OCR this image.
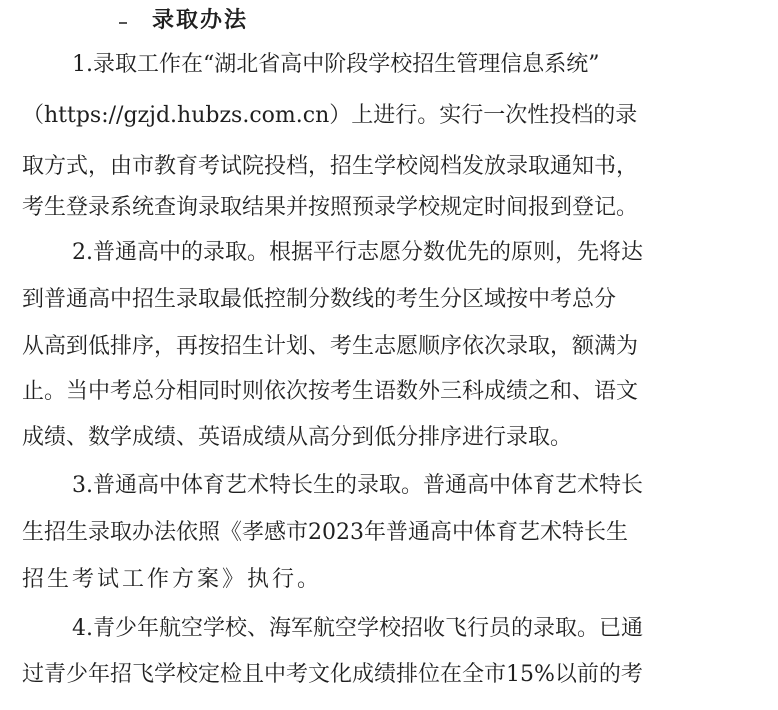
录取办法
1.录取工作在“湖北省高中阶段学校招生管理信息系统”
（https://gzjd.hubzs.com.cn）上进行。实行一次性投档的录
取方式，由市教育考试院投档，招生学校阅档发放录取通知书，
考生登录系统查询录取结果并按照预录学校规定时间报到登记。
2.普通高中的录取。根据平行志愿分数优先的原则，先将达
到普通高中招生录取最低控制分数线的考生分区域按中考总分
从高到低排序，再按招生计划、考生志愿顺序依次录取，额满为
止。当中考总分相同时则依次按考生语数外三科成绩之和、语文
成绩、数学成绩、英语成绩从高分到低分排序进行录取。
3.普通高中体育艺术特长生的录取。普通高中体育艺术特长
生招生录取办法依照《孝感市2023年普通高中体育艺术特长生
招生考试工作方案》执行。
4.青少年航空学校、海军航空学校招收飞行员的录取。已通
过青少年招飞学校定检且中考文化成绩排位在全市15%以前的考
